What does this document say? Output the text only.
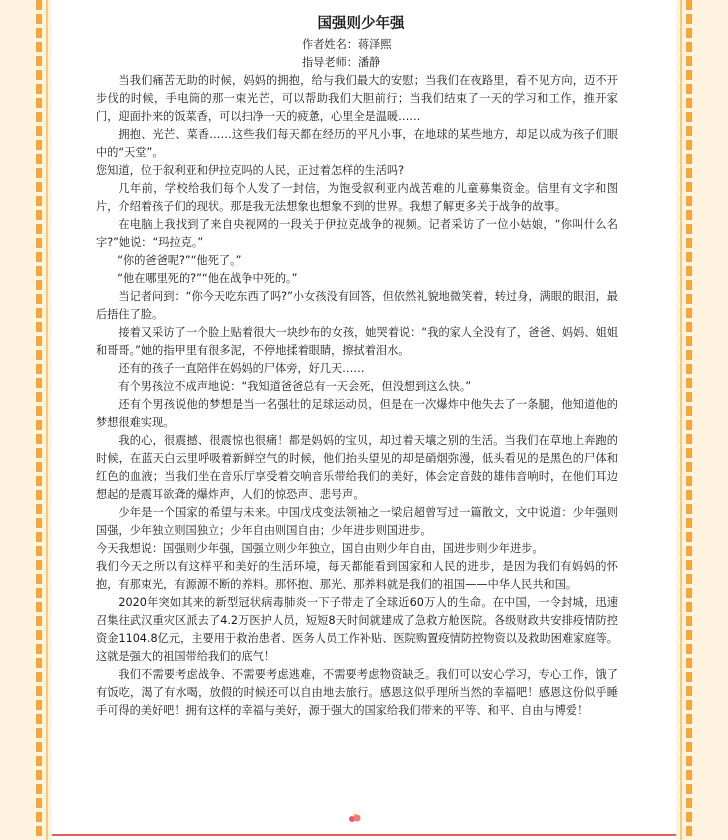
国强则少年强
作者姓名：蒋泽熙
指导老师：潘静

当我们痛苦无助的时候，妈妈的拥抱，给与我们最大的安慰；当我们在夜路里，看不见方向，迈不开步伐的时候，手电筒的那一束光芒，可以帮助我们大胆前行；当我们结束了一天的学习和工作，推开家门，迎面扑来的饭菜香，可以扫净一天的疲惫，心里全是温暖……

拥抱、光芒、菜香……这些我们每天都在经历的平凡小事，在地球的某些地方，却足以成为孩子们眼中的“天堂”。

您知道，位于叙利亚和伊拉克吗的人民，正过着怎样的生活吗?

几年前，学校给我们每个人发了一封信，为饱受叙利亚内战苦难的儿童募集资金。信里有文字和图片，介绍着孩子们的现状。那是我无法想象也想象不到的世界。我想了解更多关于战争的故事。

在电脑上我找到了来自央视网的一段关于伊拉克战争的视频。记者采访了一位小姑娘，“你叫什么名字?”她说：“玛拉克。”

“你的爸爸呢?”“他死了。”

“他在哪里死的?”“他在战争中死的。”

当记者问到：“你今天吃东西了吗?”小女孩没有回答，但依然礼貌地微笑着，转过身，满眼的眼泪，最后捂住了脸。

接着又采访了一个脸上贴着很大一块纱布的女孩，她哭着说：“我的家人全没有了，爸爸、妈妈、姐姐和哥哥。”她的指甲里有很多泥，不停地揉着眼睛，擦拭着泪水。

还有的孩子一直陪伴在妈妈的尸体旁，好几天……

有个男孩泣不成声地说：“我知道爸爸总有一天会死，但没想到这么快。”

还有个男孩说他的梦想是当一名强壮的足球运动员，但是在一次爆炸中他失去了一条腿，他知道他的梦想很难实现。

我的心，很震撼、很震惊也很痛！都是妈妈的宝贝，却过着天壤之别的生活。当我们在草地上奔跑的时候，在蓝天白云里呼吸着新鲜空气的时候，他们抬头望见的却是硝烟弥漫，低头看见的是黑色的尸体和红色的血液；当我们坐在音乐厅享受着交响音乐带给我们的美好，体会定音鼓的雄伟音响时，在他们耳边想起的是震耳欲聋的爆炸声，人们的惊恐声、悲号声。

少年是一个国家的希望与未来。中国戊戌变法领袖之一梁启超曾写过一篇散文，文中说道：少年强则国强，少年独立则国独立；少年自由则国自由；少年进步则国进步。

今天我想说：国强则少年强，国强立则少年独立，国自由则少年自由，国进步则少年进步。

我们今天之所以有这样平和美好的生活环境，每天都能看到国家和人民的进步，是因为我们有妈妈的怀抱，有那束光，有源源不断的养料。那怀抱、那光、那养料就是我们的祖国——中华人民共和国。

2020年突如其来的新型冠状病毒肺炎一下子带走了全球近60万人的生命。在中国，一令封城，迅速召集往武汉重灾区派去了4.2万医护人员，短短8天时间就建成了急救方舱医院。各级财政共安排疫情防控资金1104.8亿元，主要用于救治患者、医务人员工作补贴、医院购置疫情防控物资以及救助困难家庭等。这就是强大的祖国带给我们的底气！

我们不需要考虑战争、不需要考虑逃难，不需要考虑物资缺乏。我们可以安心学习，专心工作，饿了有饭吃，渴了有水喝，放假的时候还可以自由地去旅行。感恩这似乎理所当然的幸福吧！感恩这份似乎睡手可得的美好吧！拥有这样的幸福与美好，源于强大的国家给我们带来的平等、和平、自由与博爱！
